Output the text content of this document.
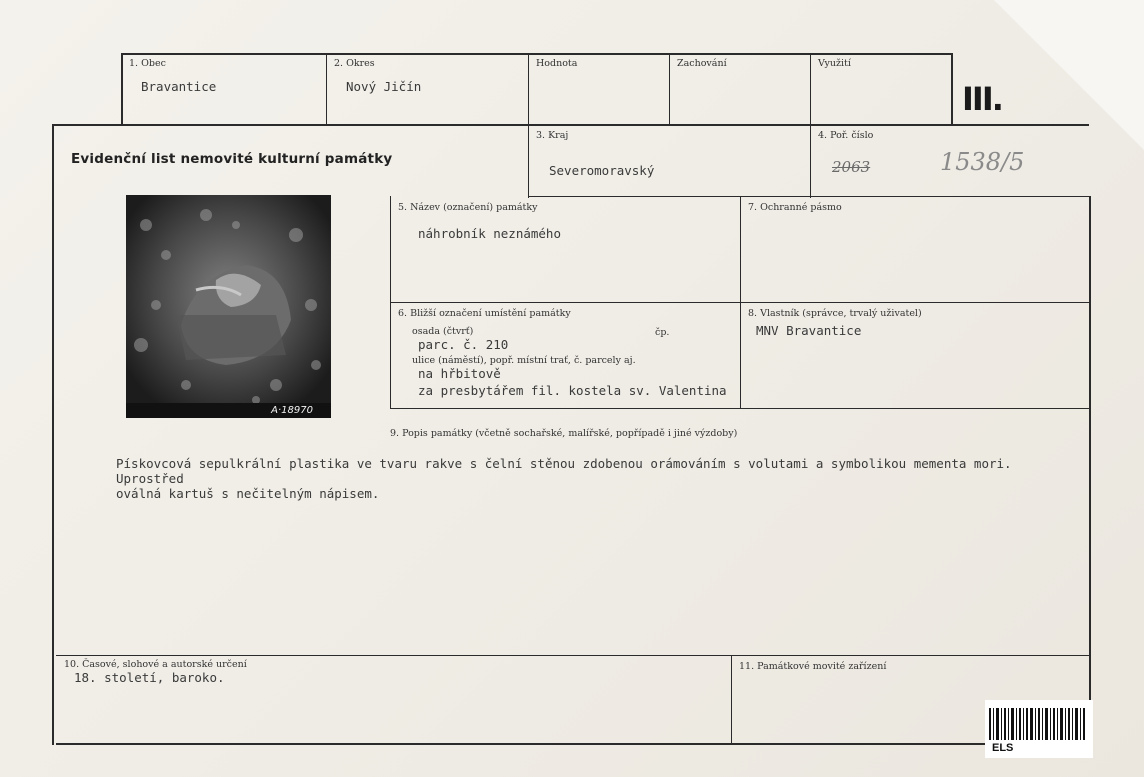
1. Obec
Bravantice
2. Okres
Nový Jičín
Hodnota	Zachování	Využití
III.
Evidenční list nemovité kulturní památky
3. Kraj
Severomoravský
4. Poř. číslo
2063	1538/5
A·18970
5. Název (označení) památky
náhrobník neznámého
7. Ochranné pásmo
6. Bližší označení umístění památky
osada (čtvrť)	čp.
parc. č. 210
ulice (náměstí), popř. místní trať, č. parcely aj.
na hřbitově
za presbytářem fil. kostela sv. Valentina
8. Vlastník (správce, trvalý uživatel)
MNV Bravantice
9. Popis památky (včetně sochařské, malířské, popřípadě i jiné výzdoby)
Pískovcová sepulkrální plastika ve tvaru rakve s čelní stěnou zdobenou orámováním s volutami a symbolikou mementa mori. Uprostřed
oválná kartuš s nečitelným nápisem.
10. Časové, slohové a autorské určení
18. století, baroko.
11. Památkové movité zařízení
ELS
